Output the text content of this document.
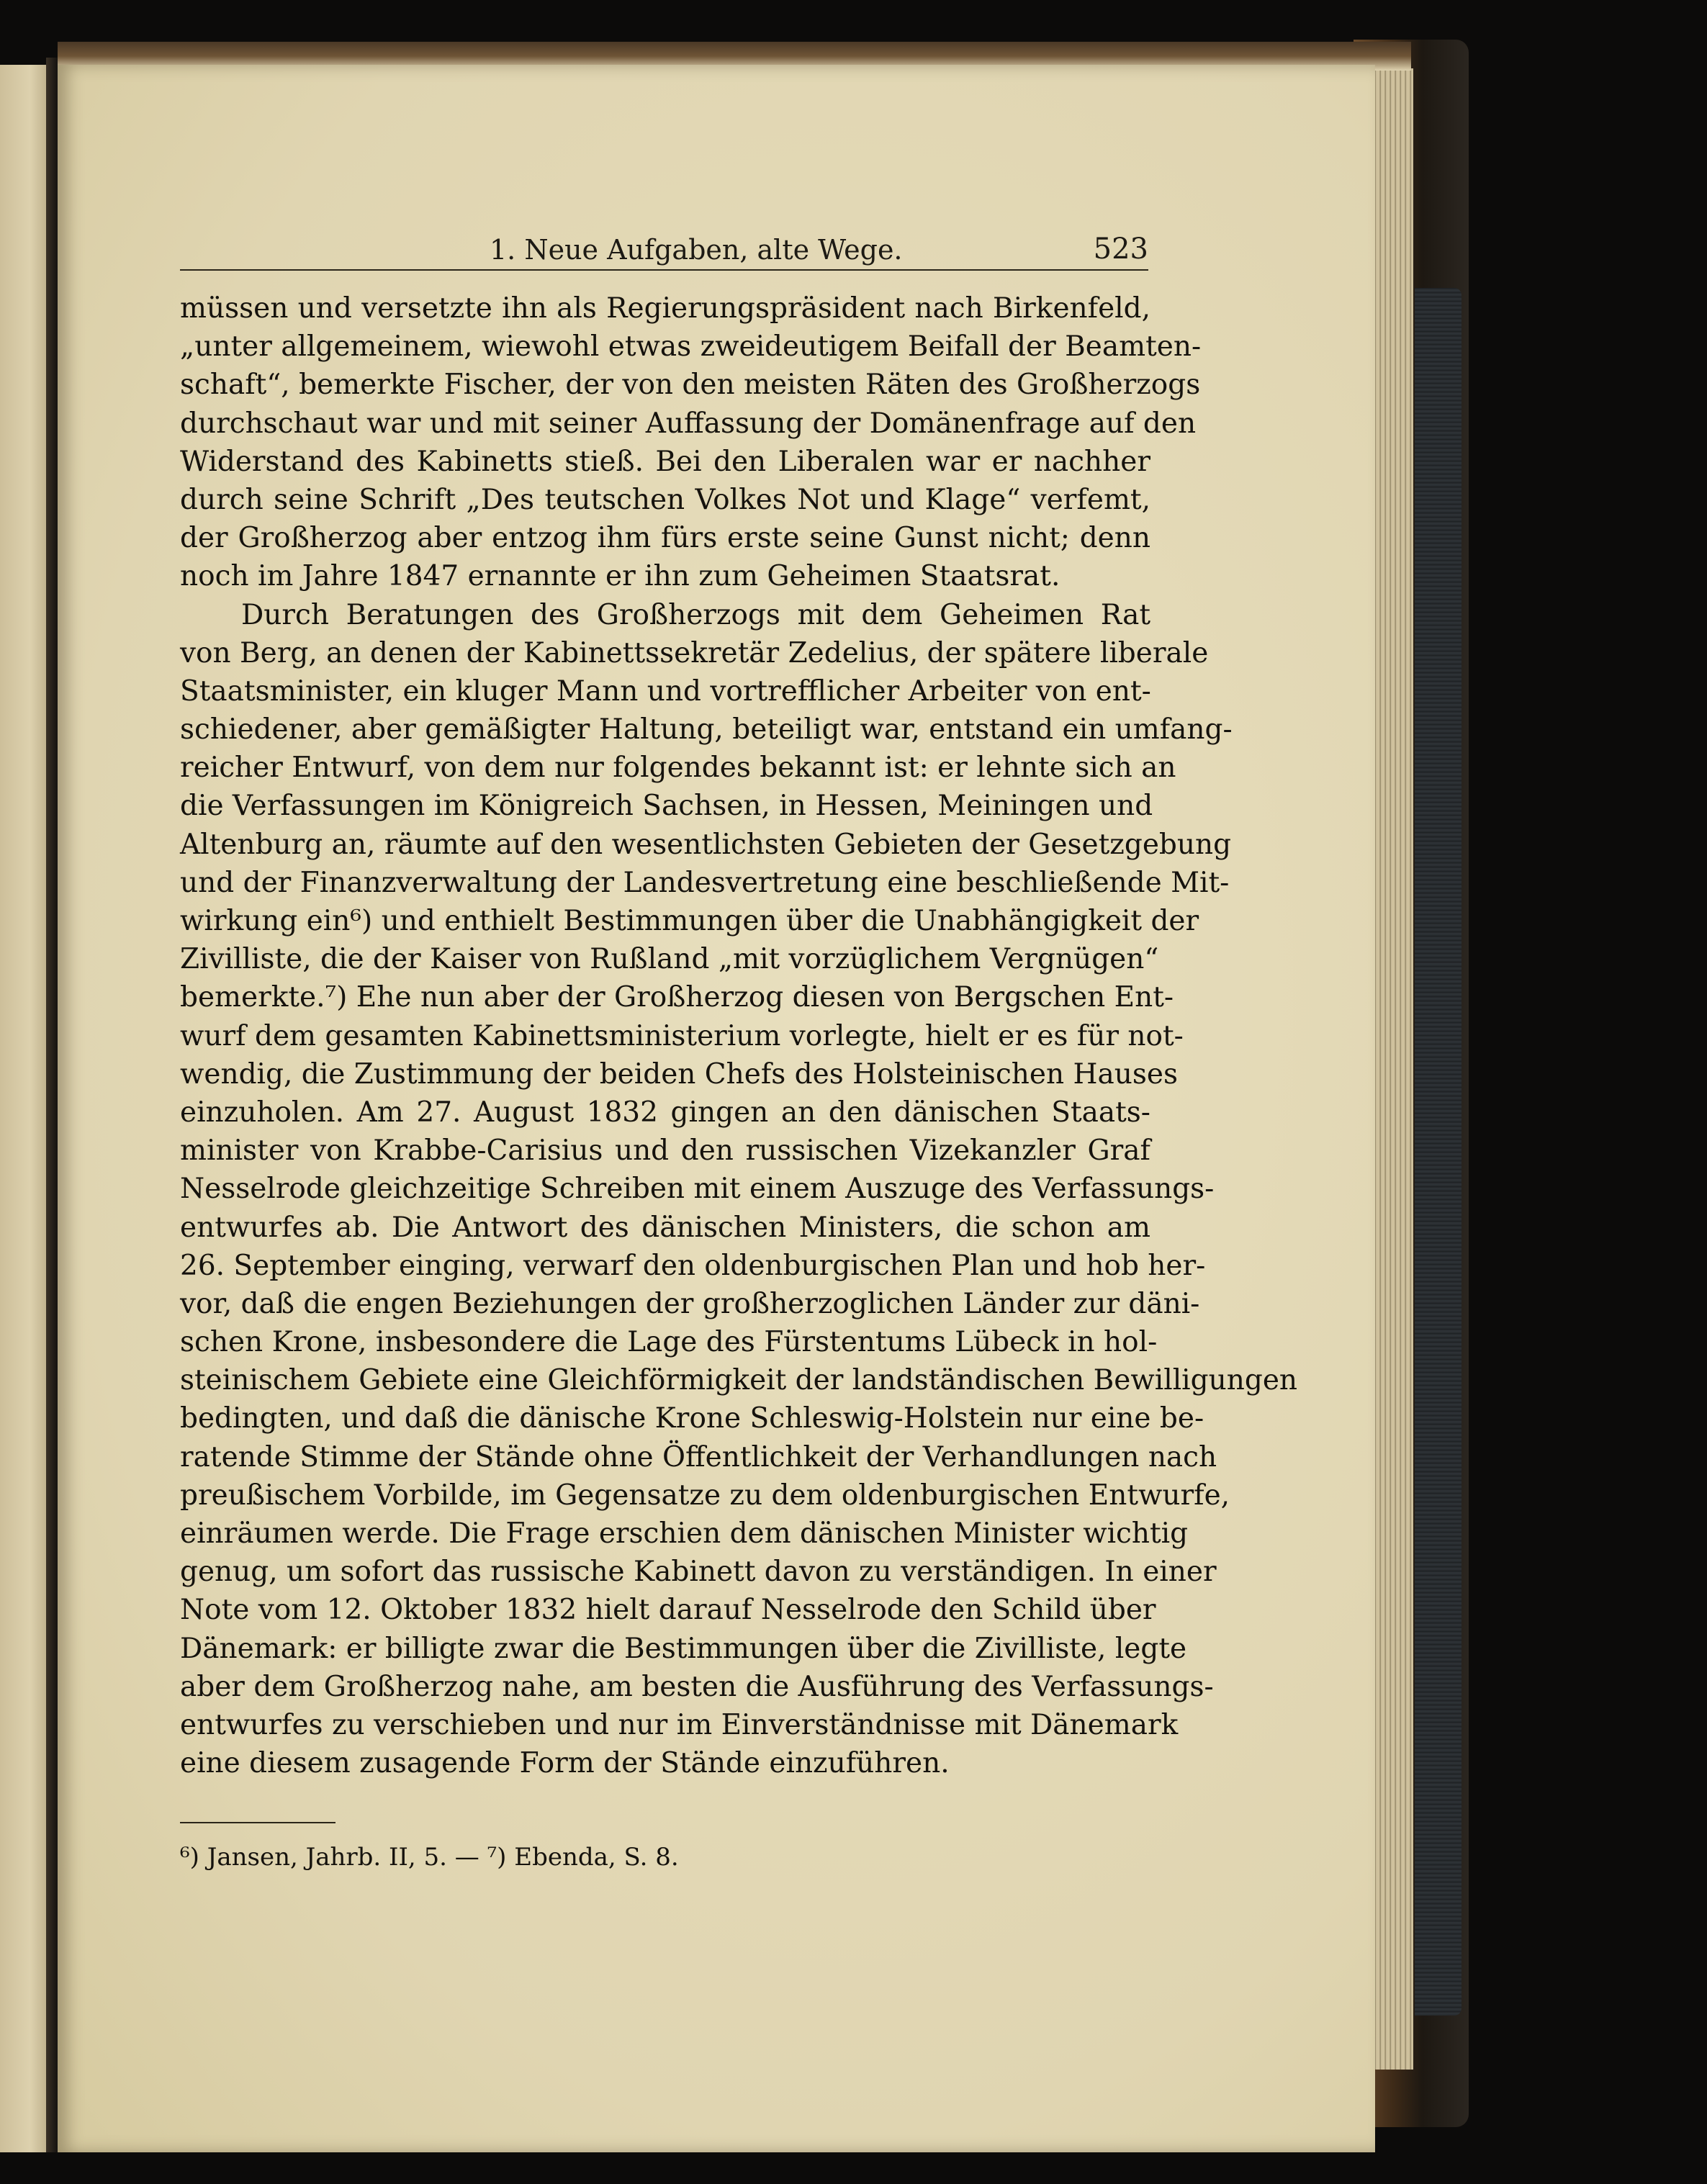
1. Neue Aufgaben, alte Wege.	523
müssen und versetzte ihn als Regierungspräsident nach Birkenfeld,
„unter allgemeinem, wiewohl etwas zweideutigem Beifall der Beamten-
schaft“, bemerkte Fischer, der von den meisten Räten des Großherzogs
durchschaut war und mit seiner Auffassung der Domänenfrage auf den
Widerstand des Kabinetts stieß. Bei den Liberalen war er nachher
durch seine Schrift „Des teutschen Volkes Not und Klage“ verfemt,
der Großherzog aber entzog ihm fürs erste seine Gunst nicht; denn
noch im Jahre 1847 ernannte er ihn zum Geheimen Staatsrat.
Durch Beratungen des Großherzogs mit dem Geheimen Rat
von Berg, an denen der Kabinettssekretär Zedelius, der spätere liberale
Staatsminister, ein kluger Mann und vortrefflicher Arbeiter von ent-
schiedener, aber gemäßigter Haltung, beteiligt war, entstand ein umfang-
reicher Entwurf, von dem nur folgendes bekannt ist: er lehnte sich an
die Verfassungen im Königreich Sachsen, in Hessen, Meiningen und
Altenburg an, räumte auf den wesentlichsten Gebieten der Gesetzgebung
und der Finanzverwaltung der Landesvertretung eine beschließende Mit-
wirkung ein⁶) und enthielt Bestimmungen über die Unabhängigkeit der
Zivilliste, die der Kaiser von Rußland „mit vorzüglichem Vergnügen“
bemerkte.⁷) Ehe nun aber der Großherzog diesen von Bergschen Ent-
wurf dem gesamten Kabinettsministerium vorlegte, hielt er es für not-
wendig, die Zustimmung der beiden Chefs des Holsteinischen Hauses
einzuholen. Am 27. August 1832 gingen an den dänischen Staats-
minister von Krabbe-Carisius und den russischen Vizekanzler Graf
Nesselrode gleichzeitige Schreiben mit einem Auszuge des Verfassungs-
entwurfes ab. Die Antwort des dänischen Ministers, die schon am
26. September einging, verwarf den oldenburgischen Plan und hob her-
vor, daß die engen Beziehungen der großherzoglichen Länder zur däni-
schen Krone, insbesondere die Lage des Fürstentums Lübeck in hol-
steinischem Gebiete eine Gleichförmigkeit der landständischen Bewilligungen
bedingten, und daß die dänische Krone Schleswig-Holstein nur eine be-
ratende Stimme der Stände ohne Öffentlichkeit der Verhandlungen nach
preußischem Vorbilde, im Gegensatze zu dem oldenburgischen Entwurfe,
einräumen werde. Die Frage erschien dem dänischen Minister wichtig
genug, um sofort das russische Kabinett davon zu verständigen. In einer
Note vom 12. Oktober 1832 hielt darauf Nesselrode den Schild über
Dänemark: er billigte zwar die Bestimmungen über die Zivilliste, legte
aber dem Großherzog nahe, am besten die Ausführung des Verfassungs-
entwurfes zu verschieben und nur im Einverständnisse mit Dänemark
eine diesem zusagende Form der Stände einzuführen.
⁶) Jansen, Jahrb. II, 5. — ⁷) Ebenda, S. 8.
